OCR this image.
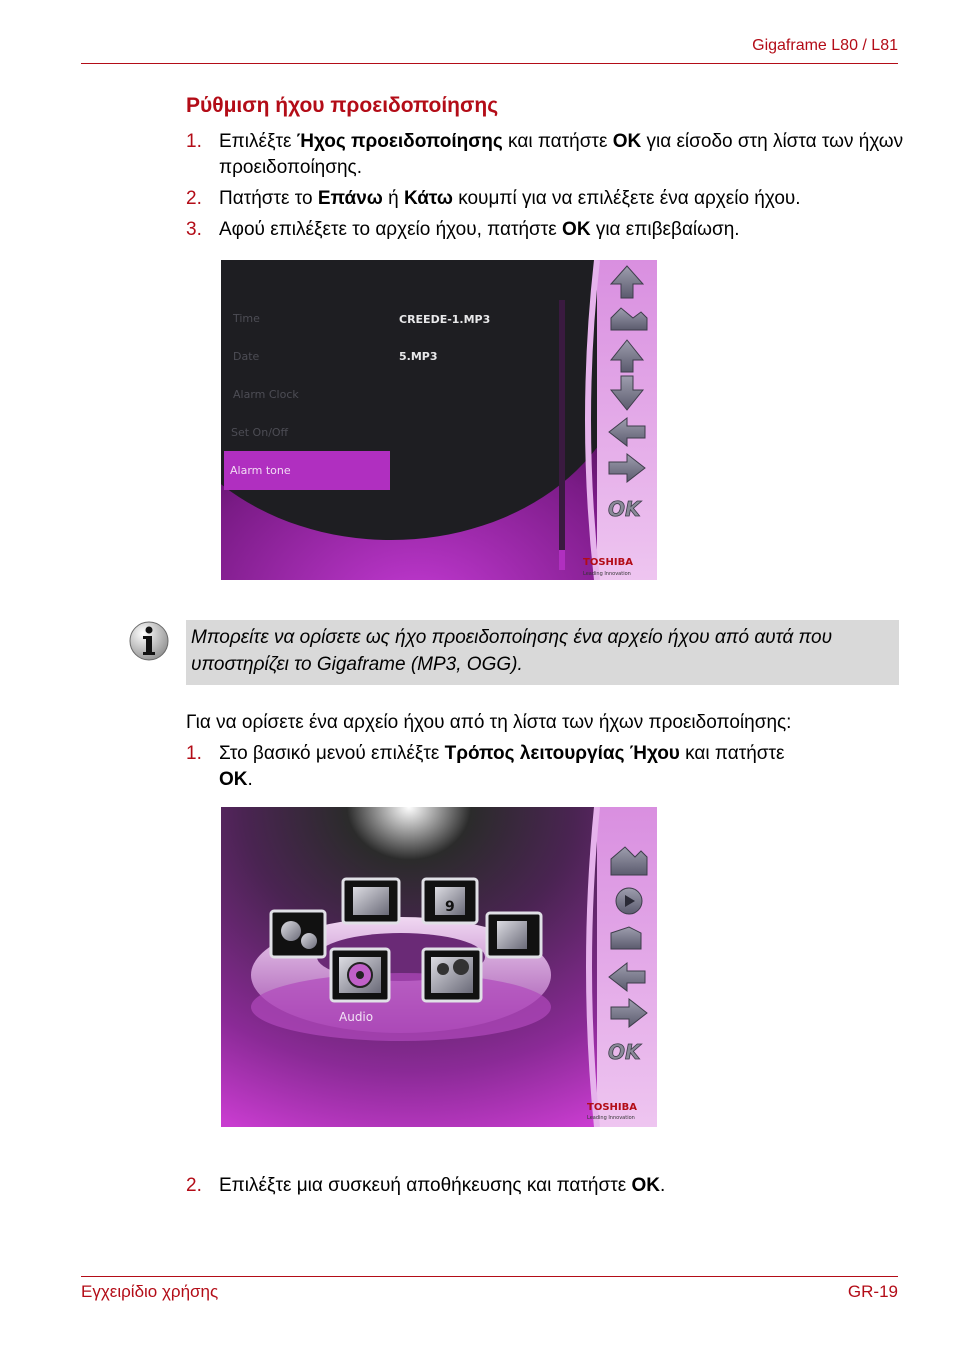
Gigaframe L80 / L81
Ρύθμιση ήχου προειδοποίησης
1. Επιλέξτε Ήχος προειδοποίησης και πατήστε OK για είσοδο στη λίστα των ήχων προειδοποίησης.
2. Πατήστε το Επάνω ή Κάτω κουμπί για να επιλέξετε ένα αρχείο ήχου.
3. Αφού επιλέξετε το αρχείο ήχου, πατήστε OK για επιβεβαίωση.
Time
Date
Alarm Clock
Set On/Off
Alarm tone
CREEDE-1.MP3
5.MP3
OK
TOSHIBA
Leading Innovation
Μπορείτε να ορίσετε ως ήχο προειδοποίησης ένα αρχείο ήχου από αυτά που υποστηρίζει το Gigaframe (MP3, OGG).
Για να ορίσετε ένα αρχείο ήχου από τη λίστα των ήχων προειδοποίησης:
1. Στο βασικό μενού επιλέξτε Τρόπος λειτουργίας Ήχου και πατήστε OK.
9
Audio
OK
TOSHIBA
Leading Innovation
2. Επιλέξτε μια συσκευή αποθήκευσης και πατήστε OK.
Εγχειρίδιο χρήσης	GR-19
